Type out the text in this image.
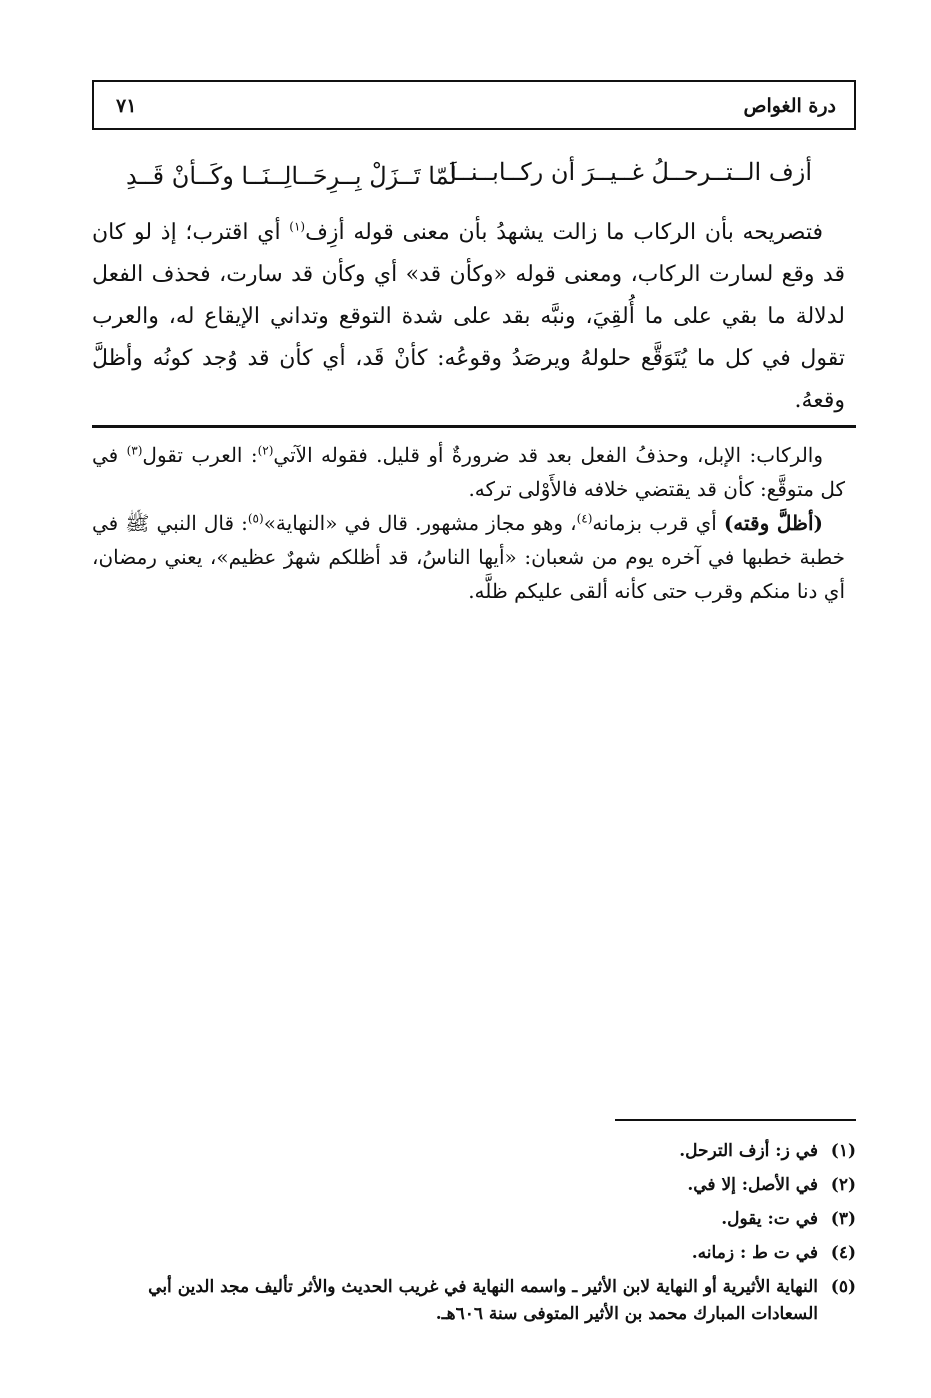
درة الغواص
٧١
أزف الــتــرحــلُ غــيــرَ أن ركــابــنــا
لَمّا تَــزَلْ بِــرِحَــالِــنَــا وكَــأنْ قَــدِ

فتصريحه بأن الركاب ما زالت يشهدُ بأن معنى قوله أزِف$^{(١)}$ أي اقترب؛ إذ لو كان قد وقع لسارت الركاب، ومعنى قوله «وكأن قد» أي وكأن قد سارت، فحذف الفعل لدلالة ما بقي على ما أُلقِيَ، ونبَّه بقد على شدة التوقع وتداني الإيقاع له، والعرب تقول في كل ما يُتَوَقَّع حلولهُ ويرصَدُ وقوعُه: كأنْ قَد، أي كأن قد وُجد كونُه وأظلَّ وقعهُ.

والركاب: الإبل، وحذفُ الفعل بعد قد ضرورةٌ أو قليل. فقوله الآتي$^{(٢)}$: العرب تقول$^{(٣)}$ في كل متوقَّع: كأن قد يقتضي خلافه فالأَوْلى تركه.

(أظلَّ وقته) أي قرب بزمانه$^{(٤)}$، وهو مجاز مشهور. قال في «النهاية»$^{(٥)}$: قال النبي ﷺ في خطبة خطبها في آخره يوم من شعبان: «أيها الناسُ، قد أظلكم شهرٌ عظيم»، يعني رمضان، أي دنا منكم وقرب حتى كأنه ألقى عليكم ظلَّه.

(١)
في ز: أزف الترحل.
(٢)
في الأصل: إلا في.
(٣)
في ت: يقول.
(٤)
في ت ط : زمانه.
(٥)
النهاية الأثيرية أو النهاية لابن الأثير ـ واسمه النهاية في غريب الحديث والأثر تأليف مجد الدين أبي السعادات المبارك محمد بن الأثير المتوفى سنة ٦٠٦هـ.
